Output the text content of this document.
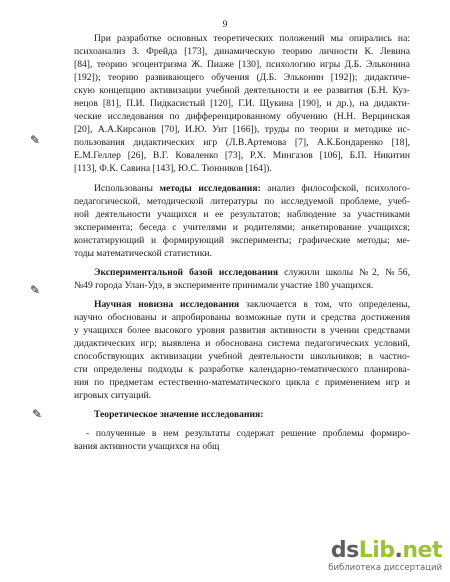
9
✎
✎
✎
При разработке основных теоретических положений мы опирались на:
психоанализ З. Фрейда [173], динамическую теорию личности К. Левина
[84], теорию эгоцентризма Ж. Пиаже [130], психологию игры Д.Б. Эльконина
[192]); теорию развивающего обучения (Д.Б. Эльконин [192]); дидактиче-
скую концепцию активизации учебной деятельности и ее развития (Б.Н. Куз-
нецов [81], П.И. Пидкасистый [120], Г.И. Щукина [190], и др.), на дидакти-
ческие исследования по дифференцированному обучению (Н.Н. Верцинская
[20], А.А.Кирсанов [70], И.Ю. Унт [166]), труды по теории и методике ис-
пользования дидактических игр (Л.В.Артемова [7], А.К.Бондаренко [18],
Е.М.Геллер [26], В.Г. Коваленко [73], Р.Х. Мингазов [106], Б.П. Никитин
[113], Ф.К. Савина [143], Ю.С. Тюнников [164]).
Использованы методы исследования: анализ философской, психолого-
педагогической, методической литературы по исследуемой проблеме, учеб-
ной деятельности учащихся и ее результатов; наблюдение за участниками
эксперимента; беседа с учителями и родителями; анкетирование учащихся;
констатирующий и формирующий эксперименты; графические методы; ме-
тоды математической статистики.
Экспериментальной базой исследования служили школы №2, №56,
№49 города Улан-Удэ, в эксперименте принимали участие 180 учащихся.
Научная новизна исследования заключается в том, что определены,
научно обоснованы и апробированы возможные пути и средства достижения
у учащихся более высокого уровня развития активности в учении средствами
дидактических игр; выявлена и обоснована система педагогических условий,
способствующих активизации учебной деятельности школьников; в частно-
сти определены подходы к разработке календарно-тематического планирова-
ния по предметам естественно-математического цикла с применением игр и
игровых ситуаций.
Теоретическое значение исследования:
- полученные в нем результаты содержат решение проблемы формиро-
вания активности учащихся на общ
dsLib.net
библиотека диссертаций
